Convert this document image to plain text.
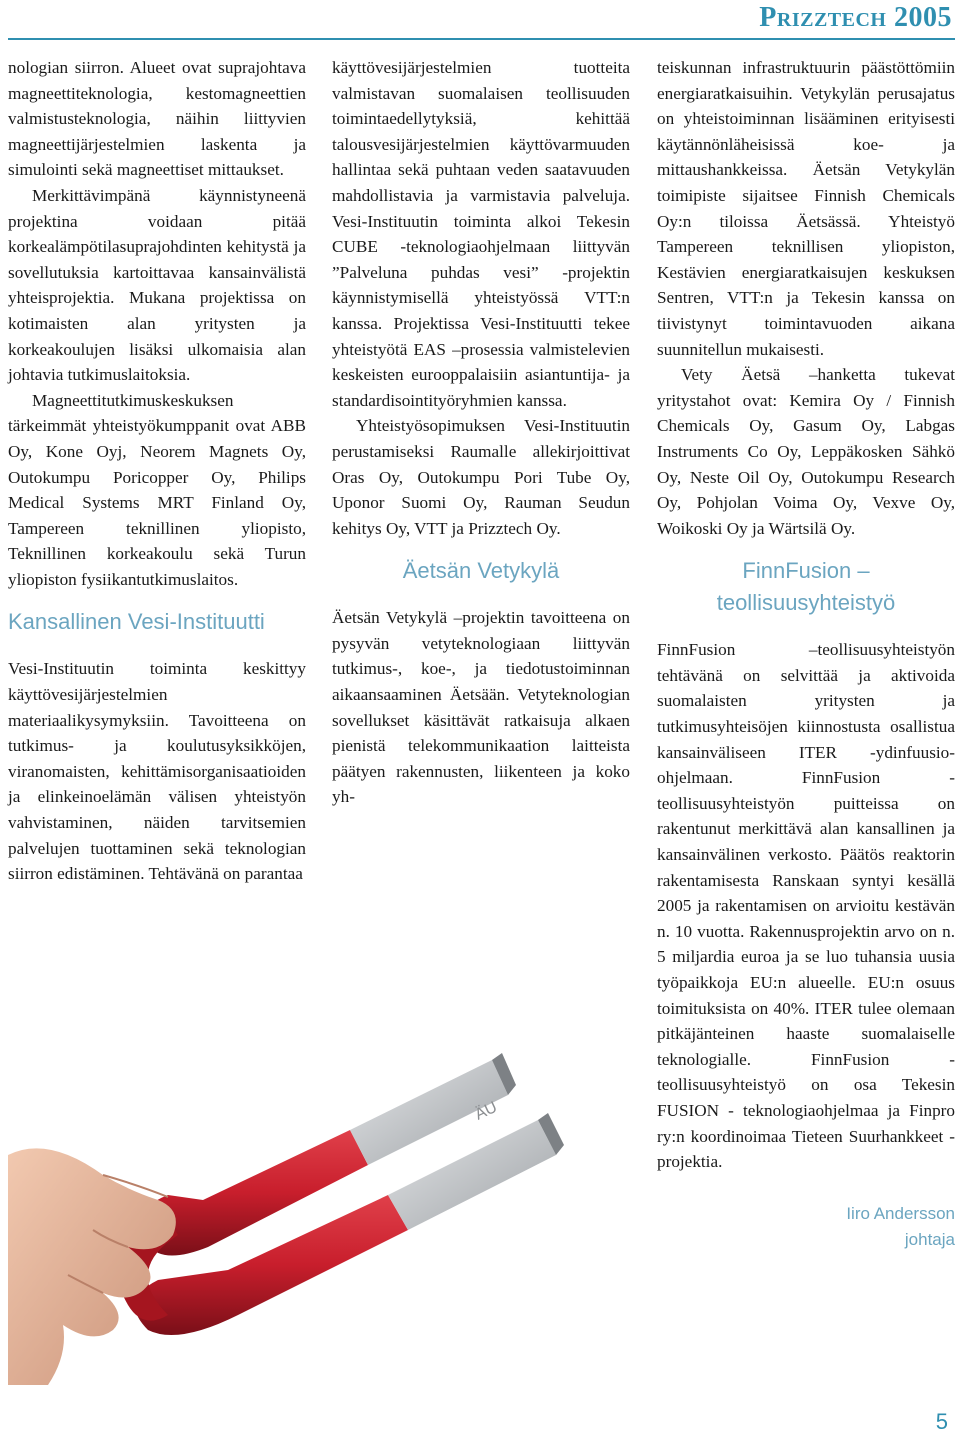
Prizztech 2005

nologian siirron. Alueet ovat suprajohtava magneettiteknologia, kestomagneettien valmistusteknologia, näihin liittyvien magneettijärjestelmien laskenta ja simulointi sekä magneettiset mittaukset.

Merkittävimpänä käynnistyneenä projektina voidaan pitää korkealämpötilasuprajohdinten kehitystä ja sovellutuksia kartoittavaa kansainvälistä yhteisprojektia. Mukana projektissa on kotimaisten alan yritysten ja korkeakoulujen lisäksi ulkomaisia alan johtavia tutkimuslaitoksia.

Magneettitutkimuskeskuksen tärkeimmät yhteistyökumppanit ovat ABB Oy, Kone Oyj, Neorem Magnets Oy, Outokumpu Poricopper Oy, Philips Medical Systems MRT Finland Oy, Tampereen teknillinen yliopisto, Teknillinen korkeakoulu sekä Turun yliopiston fysiikantutkimuslaitos.

Kansallinen Vesi-Instituutti

Vesi-Instituutin toiminta keskittyy käyttövesijärjestelmien materiaalikysymyksiin. Tavoitteena on tutkimus- ja koulutusyksikköjen, viranomaisten, kehittämisorganisaatioiden ja elinkeinoelämän välisen yhteistyön vahvistaminen, näiden tarvitsemien palvelujen tuottaminen sekä teknologian siirron edistäminen. Tehtävänä on parantaa

käyttövesijärjestelmien tuotteita valmistavan suomalaisen teollisuuden toimintaedellytyksiä, kehittää talousvesijärjestelmien käyttövarmuuden hallintaa sekä puhtaan veden saatavuuden mahdollistavia ja varmistavia palveluja. Vesi-Instituutin toiminta alkoi Tekesin CUBE -teknologiaohjelmaan liittyvän ”Palveluna puhdas vesi” -projektin käynnistymisellä yhteistyössä VTT:n kanssa. Projektissa Vesi-Instituutti tekee yhteistyötä EAS –prosessia valmistelevien keskeisten eurooppalaisiin asiantuntija- ja standardisointityöryhmien kanssa.

Yhteistyösopimuksen Vesi-Instituutin perustamiseksi Raumalle allekirjoittivat Oras Oy, Outokumpu Pori Tube Oy, Uponor Suomi Oy, Rauman Seudun kehitys Oy, VTT ja Prizztech Oy.

Äetsän Vetykylä

Äetsän Vetykylä –projektin tavoitteena on pysyvän vetyteknologiaan liittyvän tutkimus-, koe-, ja tiedotustoiminnan aikaansaaminen Äetsään. Vetyteknologian sovellukset käsittävät ratkaisuja alkaen pienistä telekommunikaation laitteista päätyen rakennusten, liikenteen ja koko yh-

teiskunnan infrastruktuurin päästöttömiin energiaratkaisuihin. Vetykylän perusajatus on yhteistoiminnan lisääminen erityisesti käytännönläheisissä koe- ja mittaushankkeissa. Äetsän Vetykylän toimipiste sijaitsee Finnish Chemicals Oy:n tiloissa Äetsässä. Yhteistyö Tampereen teknillisen yliopiston, Kestävien energiaratkaisujen keskuksen Sentren, VTT:n ja Tekesin kanssa on tiivistynyt toimintavuoden aikana suunnitellun mukaisesti.

Vety Äetsä –hanketta tukevat yritystahot ovat: Kemira Oy / Finnish Chemicals Oy, Gasum Oy, Labgas Instruments Co Oy, Leppäkosken Sähkö Oy, Neste Oil Oy, Outokumpu Research Oy, Pohjolan Voima Oy, Vexve Oy, Woikoski Oy ja Wärtsilä Oy.

FinnFusion – teollisuusyhteistyö

FinnFusion –teollisuusyhteistyön tehtävänä on selvittää ja aktivoida suomalaisten yritysten ja tutkimusyhteisöjen kiinnostusta osallistua kansainväliseen ITER -ydinfuusio-ohjelmaan. FinnFusion -teollisuusyhteistyön puitteissa on rakentunut merkittävä alan kansallinen ja kansainvälinen verkosto. Päätös reaktorin rakentamisesta Ranskaan syntyi kesällä 2005 ja rakentamisen on arvioitu kestävän n. 10 vuotta. Rakennusprojektin arvo on n. 5 miljardia euroa ja se luo tuhansia uusia työpaikkoja EU:n alueelle. EU:n osuus toimituksista on 40%. ITER tulee olemaan pitkäjänteinen haaste suomalaiselle teknologialle. FinnFusion -teollisuusyhteistyö on osa Tekesin FUSION - teknologiaohjelmaa ja Finpro ry:n koordinoimaa Tieteen Suurhankkeet -projektia.

Iiro Andersson
johtaja
ÄU
5
